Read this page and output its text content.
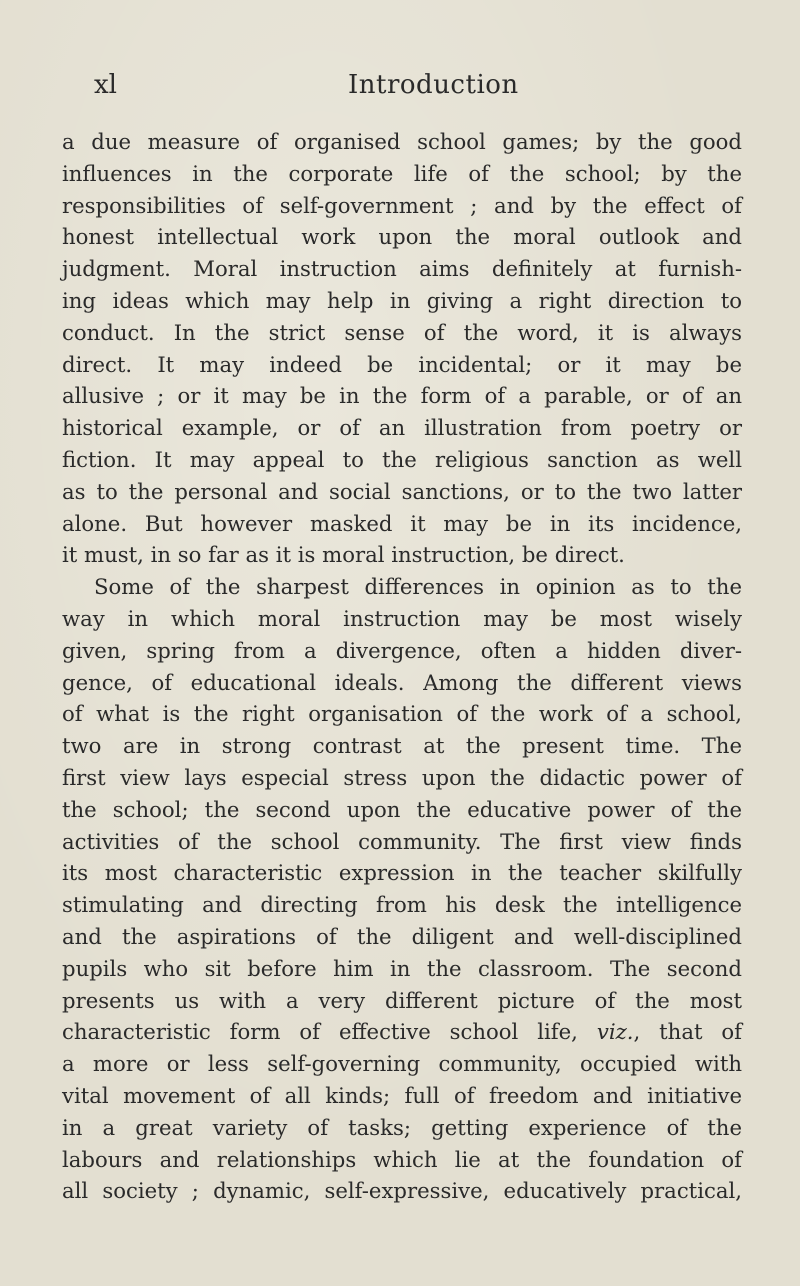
xl	Introduction
a due measure of organised school games; by the good
influences in the corporate life of the school; by the
responsibilities of self-government ; and by the effect of
honest intellectual work upon the moral outlook and
judgment. Moral instruction aims definitely at furnish-
ing ideas which may help in giving a right direction to
conduct. In the strict sense of the word, it is always
direct. It may indeed be incidental; or it may be
allusive ; or it may be in the form of a parable, or of an
historical example, or of an illustration from poetry or
fiction. It may appeal to the religious sanction as well
as to the personal and social sanctions, or to the two latter
alone. But however masked it may be in its incidence,
it must, in so far as it is moral instruction, be direct.
Some of the sharpest differences in opinion as to the
way in which moral instruction may be most wisely
given, spring from a divergence, often a hidden diver-
gence, of educational ideals. Among the different views
of what is the right organisation of the work of a school,
two are in strong contrast at the present time. The
first view lays especial stress upon the didactic power of
the school; the second upon the educative power of the
activities of the school community. The first view finds
its most characteristic expression in the teacher skilfully
stimulating and directing from his desk the intelligence
and the aspirations of the diligent and well-disciplined
pupils who sit before him in the classroom. The second
presents us with a very different picture of the most
characteristic form of effective school life, viz., that of
a more or less self-governing community, occupied with
vital movement of all kinds; full of freedom and initiative
in a great variety of tasks; getting experience of the
labours and relationships which lie at the foundation of
all society ; dynamic, self-expressive, educatively practical,
